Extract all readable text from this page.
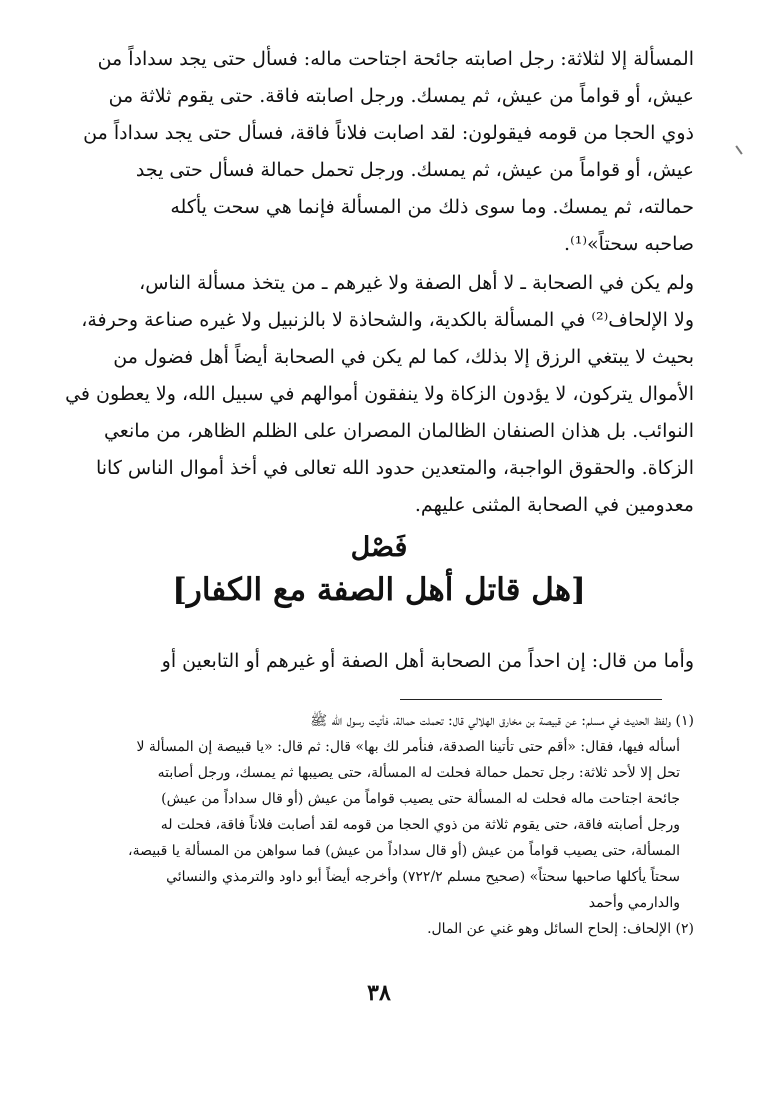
المسألة إلا لثلاثة: رجل اصابته جائحة اجتاحت ماله: فسأل حتى يجد سداداً من
عيش، أو قواماً من عيش، ثم يمسك. ورجل اصابته فاقة. حتى يقوم ثلاثة من
ذوي الحجا من قومه فيقولون: لقد اصابت فلاناً فاقة، فسأل حتى يجد سداداً من
عيش، أو قواماً من عيش، ثم يمسك. ورجل تحمل حمالة فسأل حتى يجد
حمالته، ثم يمسك. وما سوى ذلك من المسألة فإنما هي سحت يأكله
صاحبه سحتاً»⁽¹⁾.
ولم يكن في الصحابة ـ لا أهل الصفة ولا غيرهم ـ من يتخذ مسألة الناس،
ولا الإلحاف⁽²⁾ في المسألة بالكدية، والشحاذة لا بالزنبيل ولا غيره صناعة وحرفة،
بحيث لا يبتغي الرزق إلا بذلك، كما لم يكن في الصحابة أيضاً أهل فضول من
الأموال يتركون، لا يؤدون الزكاة ولا ينفقون أموالهم في سبيل الله، ولا يعطون في
النوائب. بل هذان الصنفان الظالمان المصران على الظلم الظاهر، من مانعي
الزكاة. والحقوق الواجبة، والمتعدين حدود الله تعالى في أخذ أموال الناس كانا
معدومين في الصحابة المثنى عليهم.
فَصْل
[هل قاتل أهل الصفة مع الكفار]
وأما من قال: إن احداً من الصحابة أهل الصفة أو غيرهم أو التابعين أو
(١) ولفظ الحديث في مسلم: عن قبيصة بن مخارق الهلالي قال: تحملت حمالة، فأتيت رسول الله ﷺ
أسأله فيها، فقال: «أقم حتى تأتينا الصدقة، فنأمر لك بها» قال: ثم قال: «يا قبيصة إن المسألة لا
تحل إلا لأحد ثلاثة: رجل تحمل حمالة فحلت له المسألة، حتى يصيبها ثم يمسك، ورجل أصابته
جائحة اجتاحت ماله فحلت له المسألة حتى يصيب قواماً من عيش (أو قال سداداً من عيش)
ورجل أصابته فاقة، حتى يقوم ثلاثة من ذوي الحجا من قومه لقد أصابت فلاناً فاقة، فحلت له
المسألة، حتى يصيب قواماً من عيش (أو قال سداداً من عيش) فما سواهن من المسألة يا قبيصة،
سحتاً يأكلها صاحبها سحتاً» (صحيح مسلم ٧٢٢/٢) وأخرجه أيضاً أبو داود والترمذي والنسائي
والدارمي وأحمد
(٢) الإلحاف: إلحاح السائل وهو غني عن المال.
٣٨
